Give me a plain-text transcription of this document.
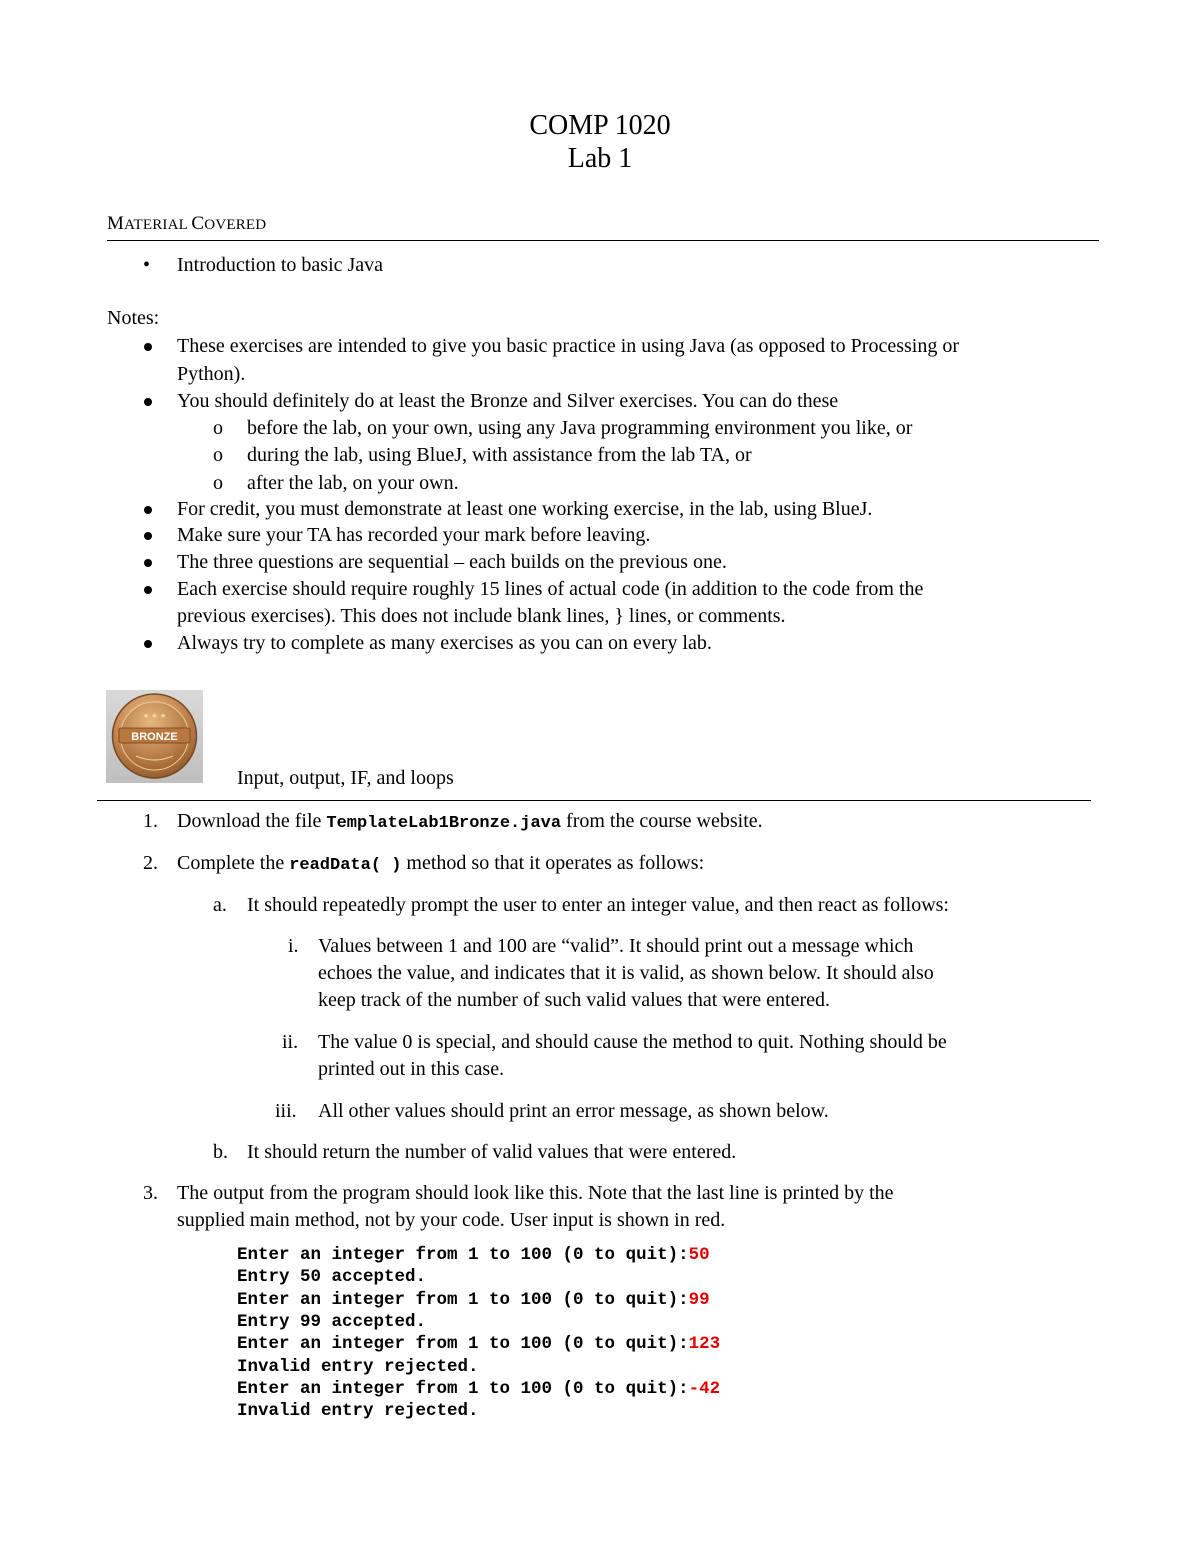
COMP 1020
Lab 1
MATERIAL COVERED
• Introduction to basic Java
Notes:
These exercises are intended to give you basic practice in using Java (as opposed to Processing or
Python).
You should definitely do at least the Bronze and Silver exercises. You can do these
o before the lab, on your own, using any Java programming environment you like, or
o during the lab, using BlueJ, with assistance from the lab TA, or
o after the lab, on your own.
For credit, you must demonstrate at least one working exercise, in the lab, using BlueJ.
Make sure your TA has recorded your mark before leaving.
The three questions are sequential – each builds on the previous one.
Each exercise should require roughly 15 lines of actual code (in addition to the code from the
previous exercises). This does not include blank lines, } lines, or comments.
Always try to complete as many exercises as you can on every lab.
BRONZE
★ ★ ★
Input, output, IF, and loops
1. Download the file TemplateLab1Bronze.java from the course website.
2. Complete the readData( ) method so that it operates as follows:
a. It should repeatedly prompt the user to enter an integer value, and then react as follows:
i. Values between 1 and 100 are “valid”. It should print out a message which
echoes the value, and indicates that it is valid, as shown below. It should also
keep track of the number of such valid values that were entered.
ii. The value 0 is special, and should cause the method to quit. Nothing should be
printed out in this case.
iii. All other values should print an error message, as shown below.
b. It should return the number of valid values that were entered.
3. The output from the program should look like this. Note that the last line is printed by the
supplied main method, not by your code. User input is shown in red.
Enter an integer from 1 to 100 (0 to quit):50
Entry 50 accepted.
Enter an integer from 1 to 100 (0 to quit):99
Entry 99 accepted.
Enter an integer from 1 to 100 (0 to quit):123
Invalid entry rejected.
Enter an integer from 1 to 100 (0 to quit):-42
Invalid entry rejected.
